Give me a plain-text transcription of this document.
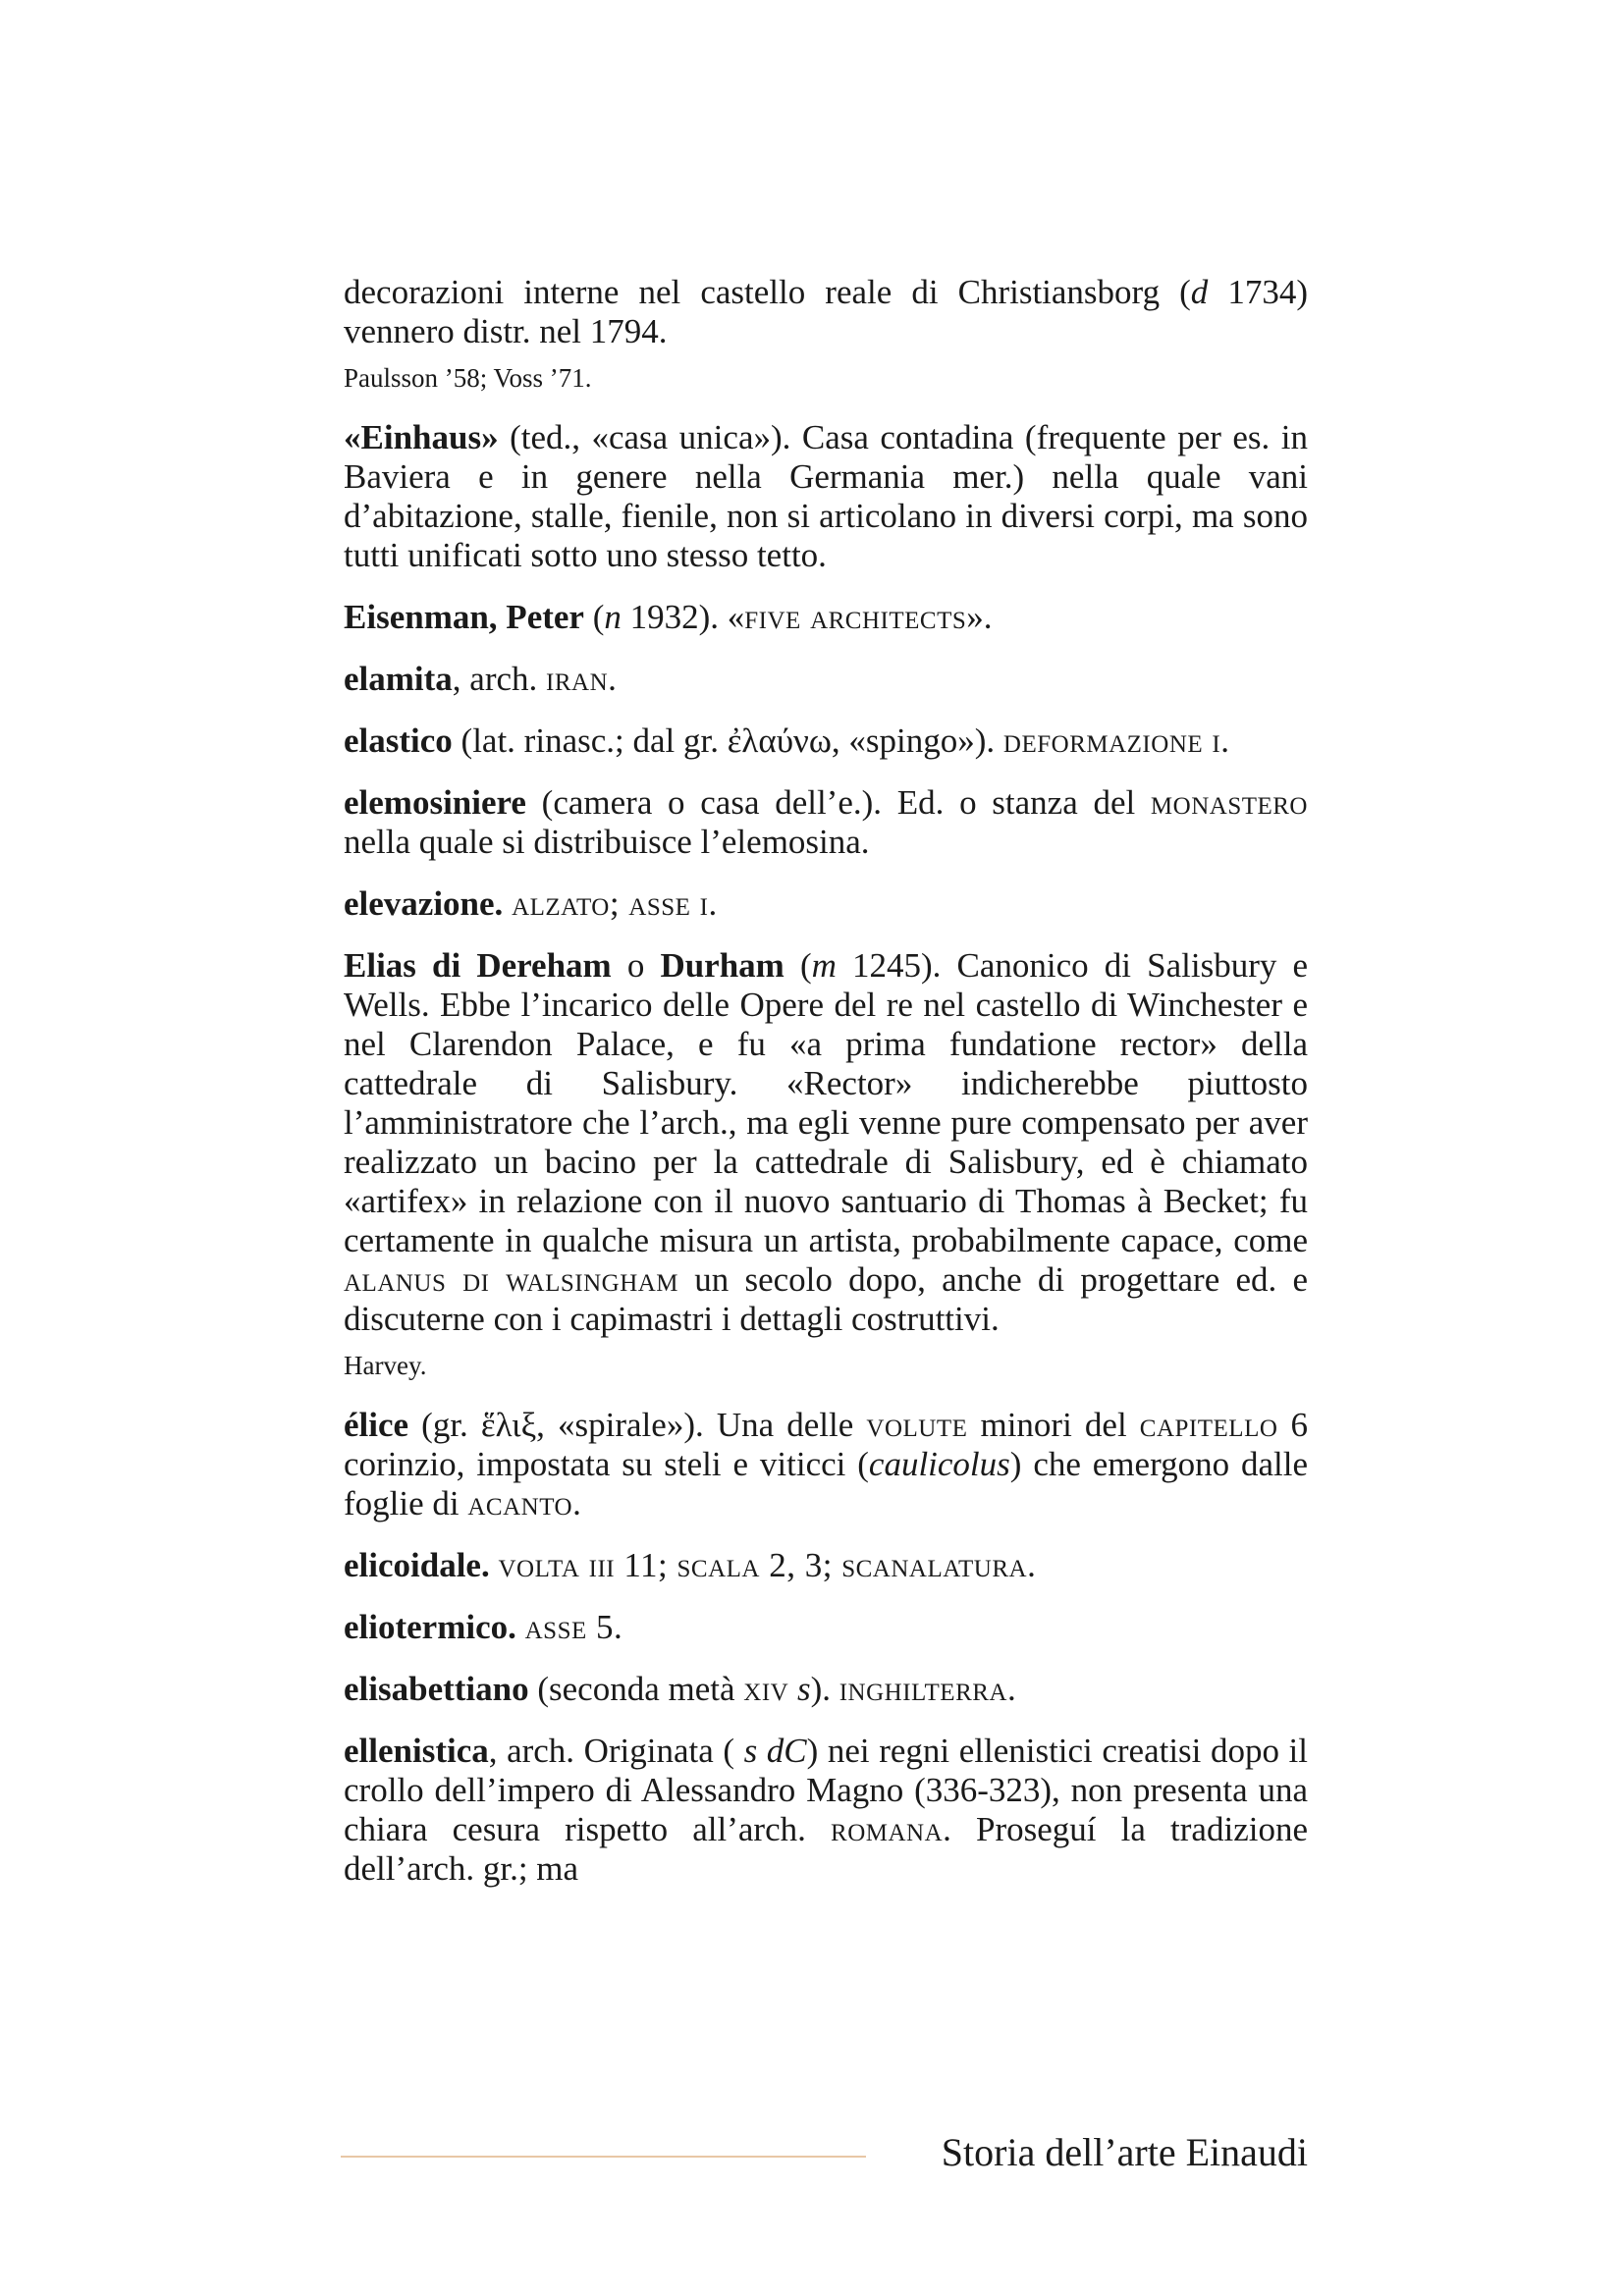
decorazioni interne nel castello reale di Christiansborg (d 1734) vennero distr. nel 1794.

Paulsson ’58; Voss ’71.

«Einhaus» (ted., «casa unica»). Casa contadina (frequente per es. in Baviera e in genere nella Germania mer.) nella quale vani d’abitazione, stalle, fienile, non si articolano in diversi corpi, ma sono tutti unificati sotto uno stesso tetto.

Eisenman, Peter (n 1932). «five architects».

elamita, arch. iran.

elastico (lat. rinasc.; dal gr. ἐλαύνω, «spingo»). deformazione i.

elemosiniere (camera o casa dell’e.). Ed. o stanza del monastero nella quale si distribuisce l’elemosina.

elevazione. alzato; asse i.

Elias di Dereham o Durham (m 1245). Canonico di Salisbury e Wells. Ebbe l’incarico delle Opere del re nel castello di Winchester e nel Clarendon Palace, e fu «a prima fundatione rector» della cattedrale di Salisbury. «Rector» indicherebbe piuttosto l’amministratore che l’arch., ma egli venne pure compensato per aver realizzato un bacino per la cattedrale di Salisbury, ed è chiamato «artifex» in relazione con il nuovo santuario di Thomas à Becket; fu certamente in qualche misura un artista, probabilmente capace, come alanus di walsingham un secolo dopo, anche di progettare ed. e discuterne con i capimastri i dettagli costruttivi.

Harvey.

élice (gr. ἕλιξ, «spirale»). Una delle volute minori del capitello 6 corinzio, impostata su steli e viticci (caulicolus) che emergono dalle foglie di acanto.

elicoidale. volta iii 11; scala 2, 3; scanalatura.

eliotermico. asse 5.

elisabettiano (seconda metà xiv s). inghilterra.

ellenistica, arch. Originata ( s dC) nei regni ellenistici creatisi dopo il crollo dell’impero di Alessandro Magno (336-323), non presenta una chiara cesura rispetto all’arch. romana. Proseguí la tradizione dell’arch. gr.; ma

Storia dell’arte Einaudi
